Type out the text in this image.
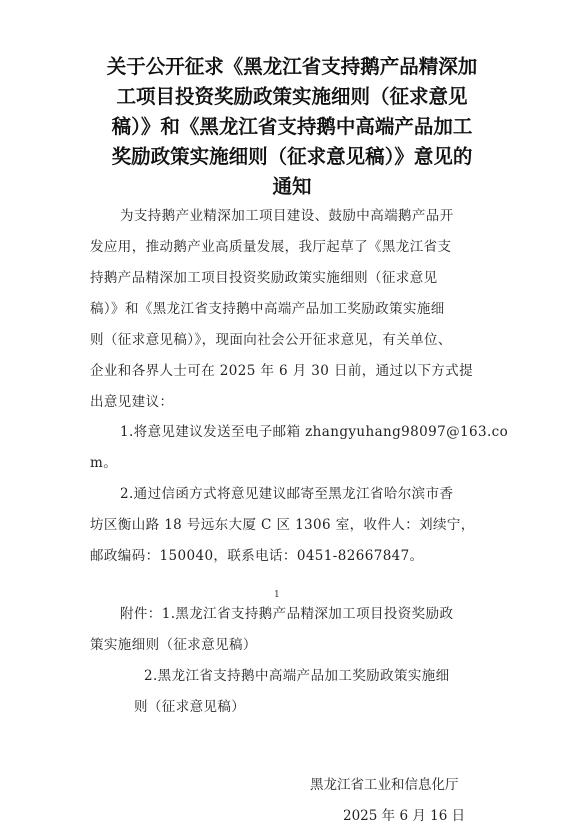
关于公开征求《黑龙江省支持鹅产品精深加
工项目投资奖励政策实施细则（征求意见
稿）》和《黑龙江省支持鹅中高端产品加工
奖励政策实施细则（征求意见稿）》意见的
通知
为支持鹅产业精深加工项目建设、鼓励中高端鹅产品开
发应用，推动鹅产业高质量发展，我厅起草了《黑龙江省支
持鹅产品精深加工项目投资奖励政策实施细则（征求意见
稿）》和《黑龙江省支持鹅中高端产品加工奖励政策实施细
则（征求意见稿）》，现面向社会公开征求意见，有关单位、
企业和各界人士可在 2025 年 6 月 30 日前，通过以下方式提
出意见建议：
1.将意见建议发送至电子邮箱 zhangyuhang98097@163.co
m。
2.通过信函方式将意见建议邮寄至黑龙江省哈尔滨市香
坊区衡山路 18 号远东大厦 C 区 1306 室，收件人：刘续宁，
邮政编码：150040，联系电话：0451-82667847。
1
附件：1.黑龙江省支持鹅产品精深加工项目投资奖励政
策实施细则（征求意见稿）
2.黑龙江省支持鹅中高端产品加工奖励政策实施细
则（征求意见稿）
黑龙江省工业和信息化厅
2025 年 6 月 16 日
